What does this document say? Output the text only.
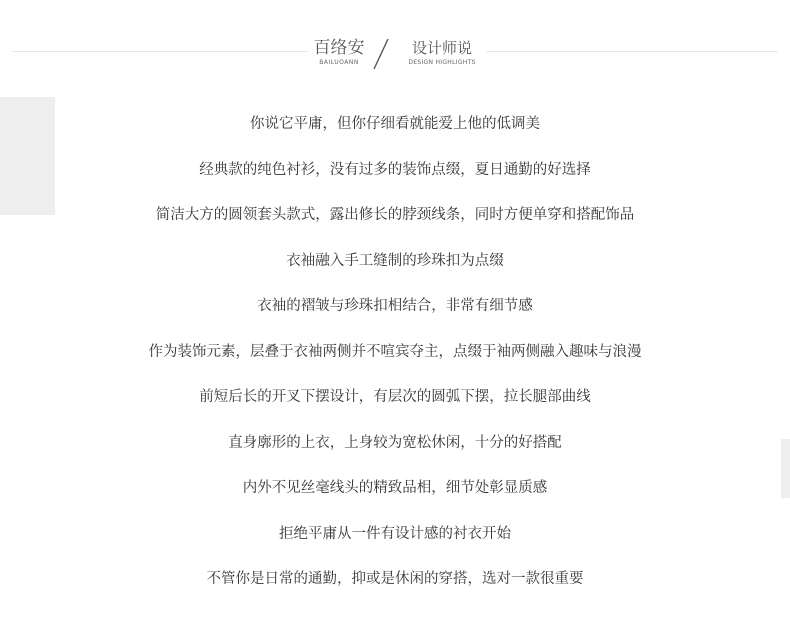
百络安
BAILUOANN
设计师说
DESIGN HIGHLIGHTS
你说它平庸，但你仔细看就能爱上他的低调美
经典款的纯色衬衫，没有过多的装饰点缀，夏日通勤的好选择
简洁大方的圆领套头款式，露出修长的脖颈线条，同时方便单穿和搭配饰品
衣袖融入手工缝制的珍珠扣为点缀
衣袖的褶皱与珍珠扣相结合，非常有细节感
作为装饰元素，层叠于衣袖两侧并不喧宾夺主，点缀于袖两侧融入趣味与浪漫
前短后长的开叉下摆设计，有层次的圆弧下摆，拉长腿部曲线
直身廓形的上衣，上身较为宽松休闲，十分的好搭配
内外不见丝毫线头的精致品相，细节处彰显质感
拒绝平庸从一件有设计感的衬衣开始
不管你是日常的通勤，抑或是休闲的穿搭，选对一款很重要
